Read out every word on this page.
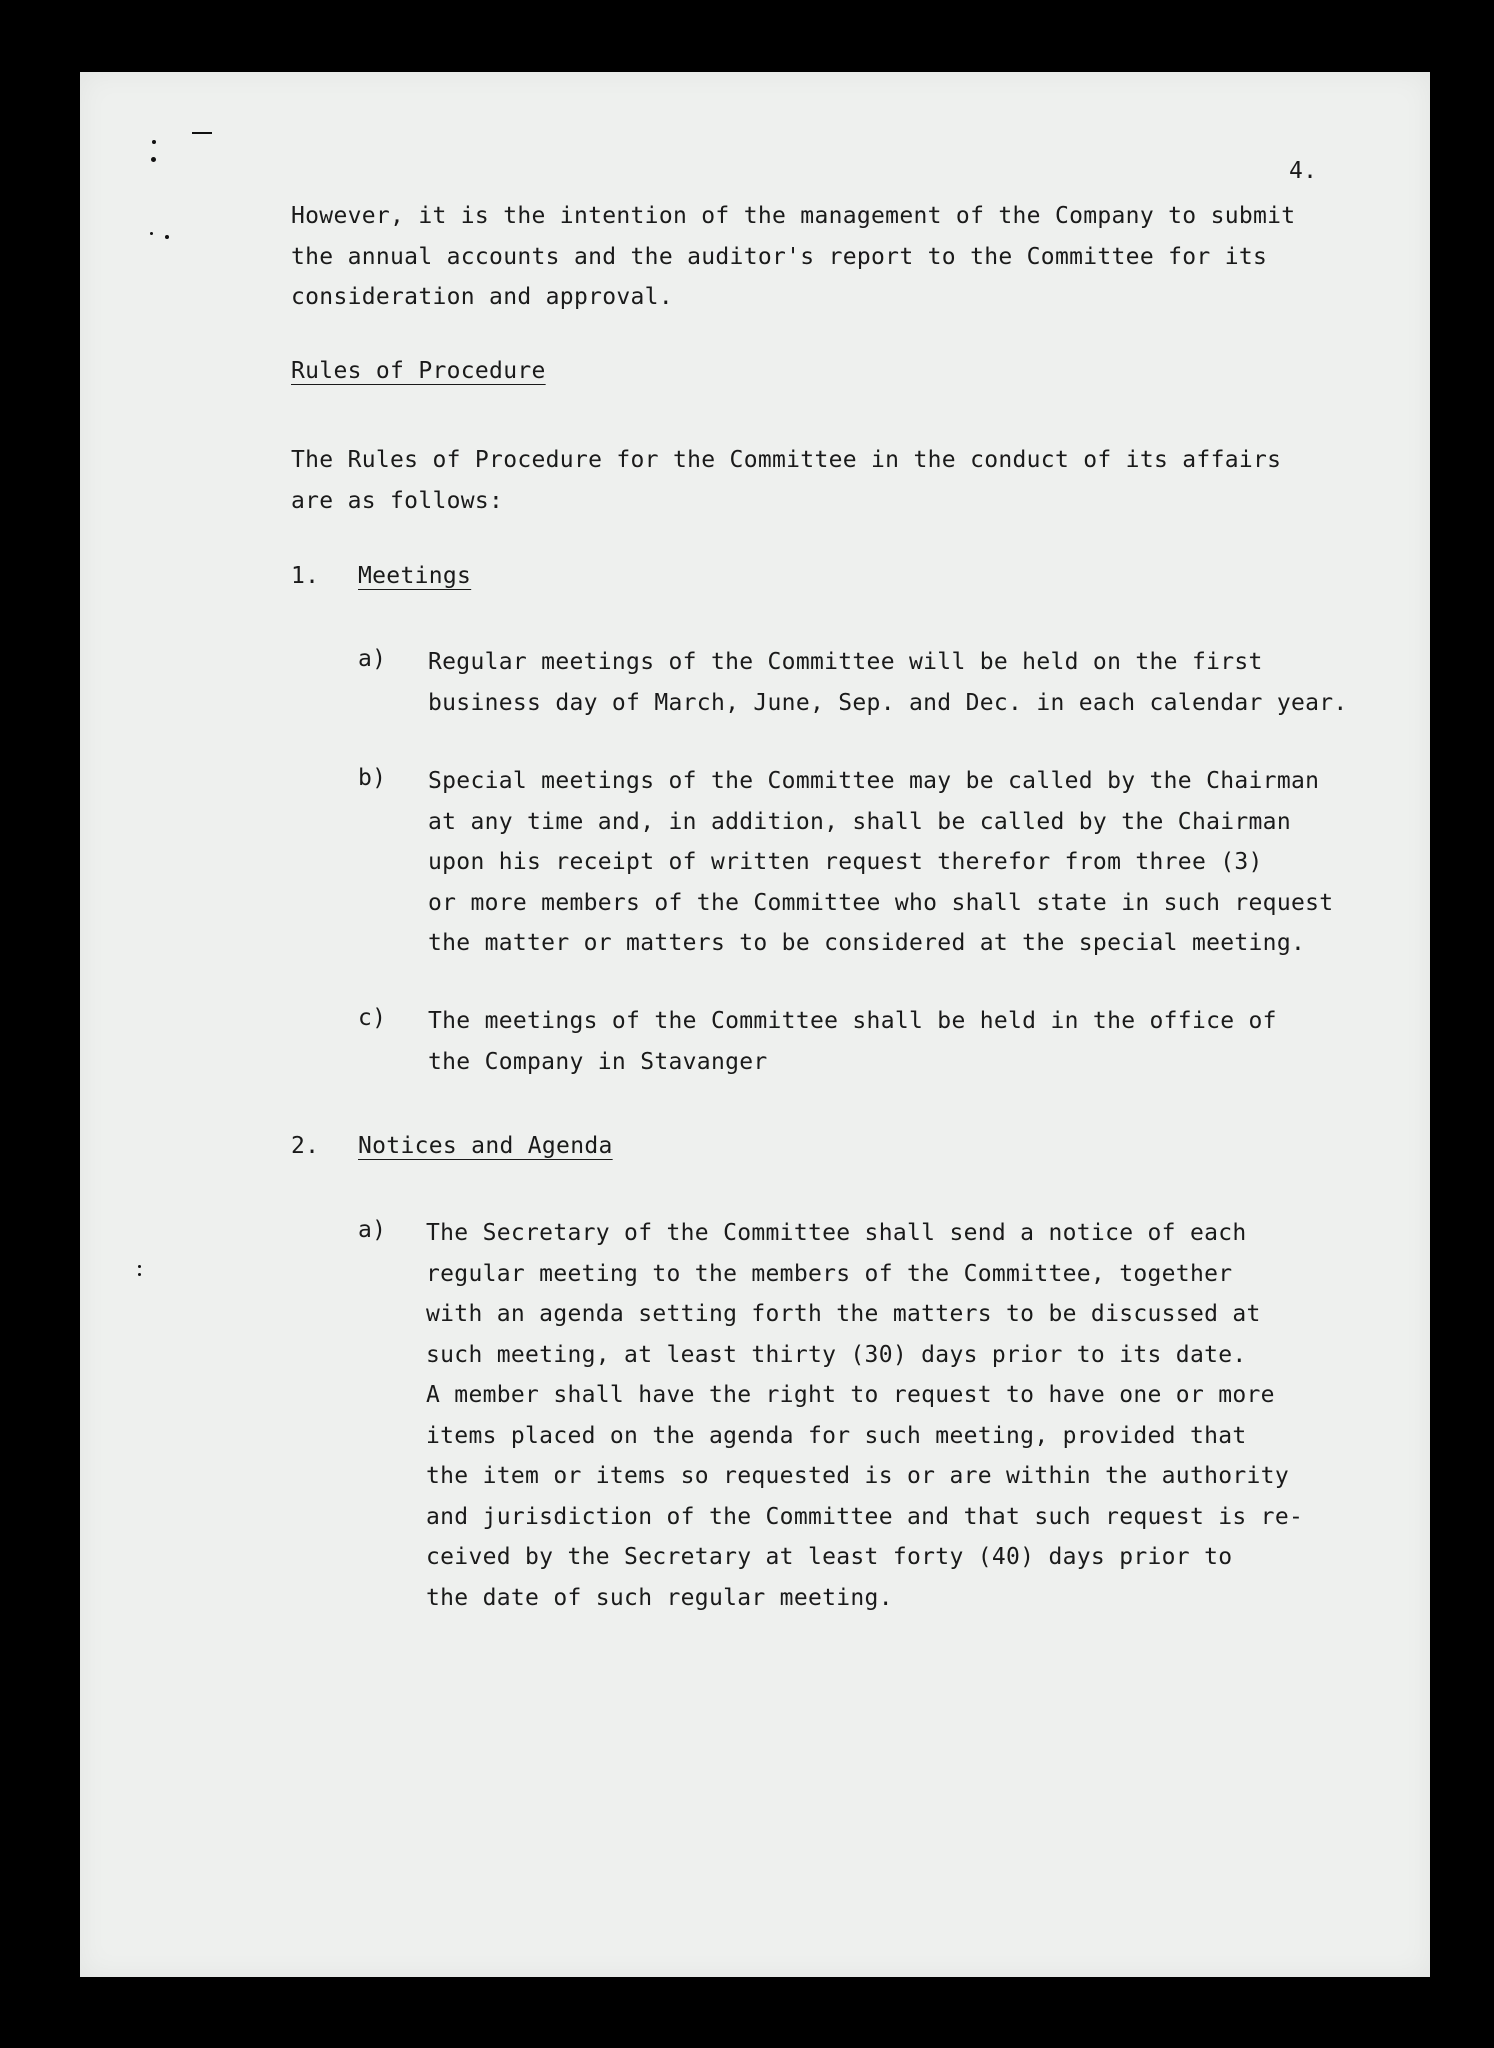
4.

However, it is the intention of the management of the Company to submit
the annual accounts and the auditor's report to the Committee for its
consideration and approval.

Rules of Procedure

The Rules of Procedure for the Committee in the conduct of its affairs
are as follows:

1. Meetings
a) Regular meetings of the Committee will be held on the first
business day of March, June, Sep. and Dec. in each calendar year.

b) Special meetings of the Committee may be called by the Chairman
at any time and, in addition, shall be called by the Chairman
upon his receipt of written request therefor from three (3)
or more members of the Committee who shall state in such request
the matter or matters to be considered at the special meeting.

c) The meetings of the Committee shall be held in the office of
the Company in Stavanger

2. Notices and Agenda
a) The Secretary of the Committee shall send a notice of each
regular meeting to the members of the Committee, together
with an agenda setting forth the matters to be discussed at
such meeting, at least thirty (30) days prior to its date.
A member shall have the right to request to have one or more
items placed on the agenda for such meeting, provided that
the item or items so requested is or are within the authority
and jurisdiction of the Committee and that such request is re-
ceived by the Secretary at least forty (40) days prior to
the date of such regular meeting.
